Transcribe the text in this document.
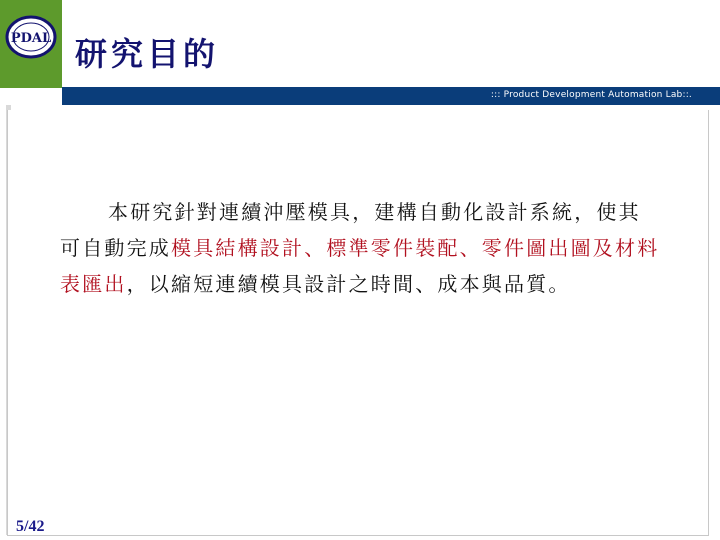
PDAL 研究目的
::: Product Development Automation Lab::.
本研究針對連續沖壓模具，建構自動化設計系統，使其可自動完成模具結構設計、標準零件裝配、零件圖出圖及材料表匯出，以縮短連續模具設計之時間、成本與品質。
5/42
